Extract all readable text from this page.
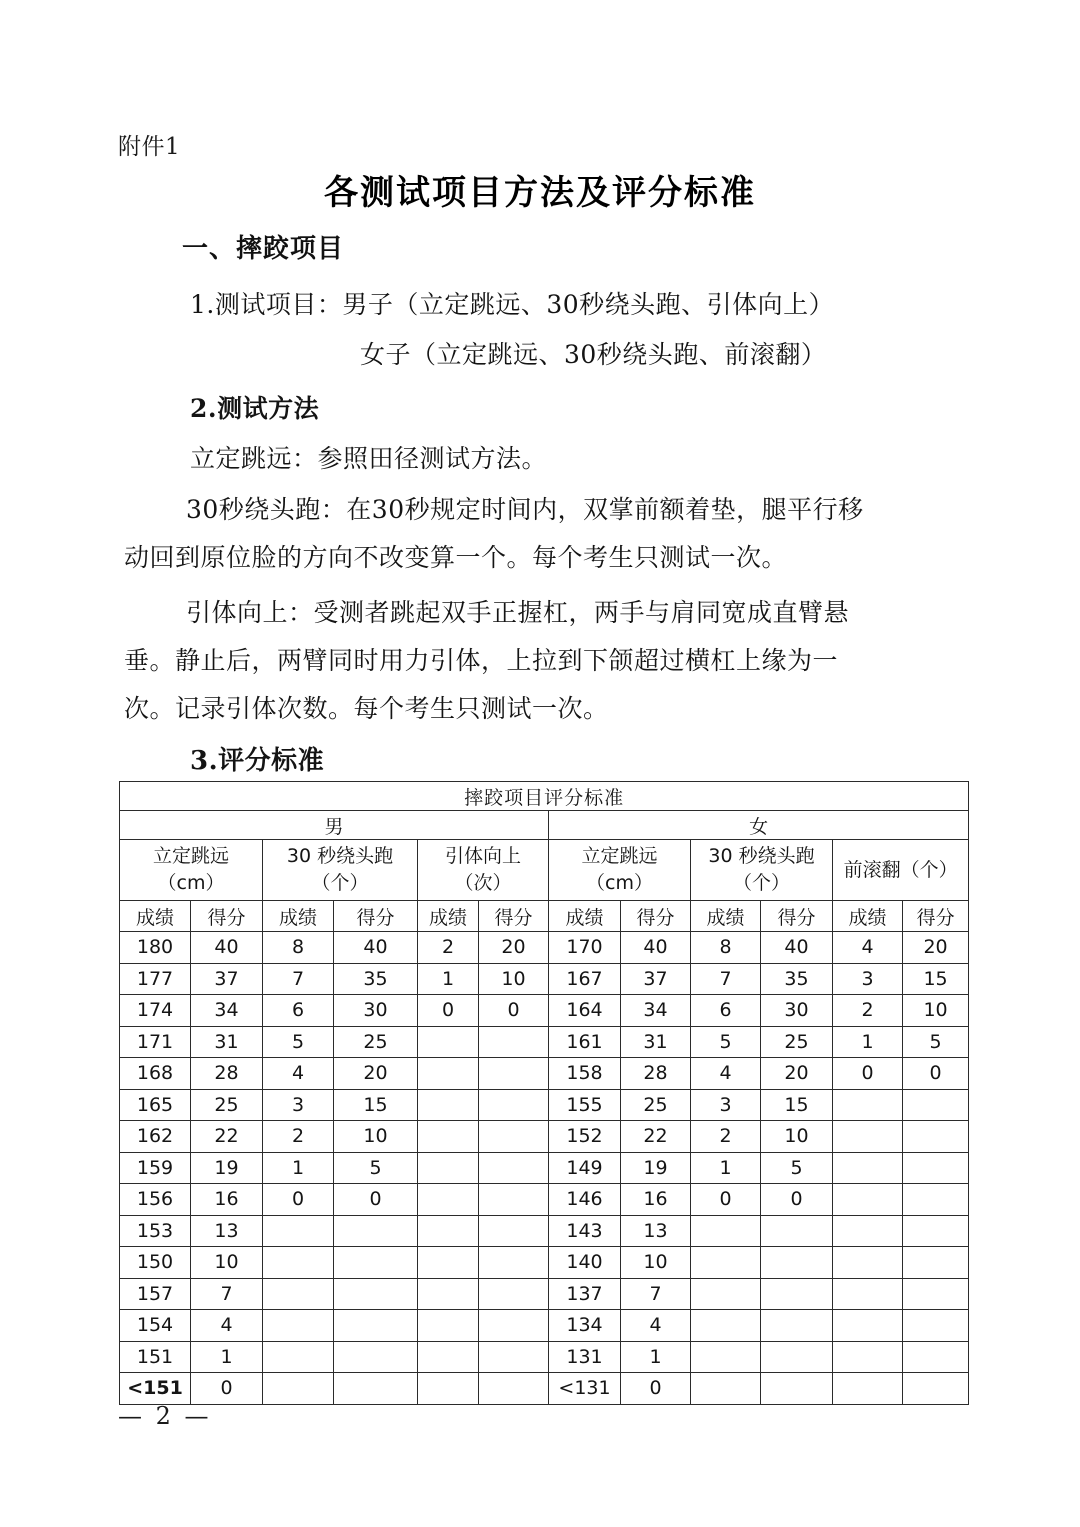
附件1
各测试项目方法及评分标准
一、摔跤项目
1.测试项目：男子（立定跳远、30秒绕头跑、引体向上）
女子（立定跳远、30秒绕头跑、前滚翻）
2.测试方法
立定跳远：参照田径测试方法。
30秒绕头跑：在30秒规定时间内，双掌前额着垫，腿平行移
动回到原位脸的方向不改变算一个。每个考生只测试一次。
引体向上：受测者跳起双手正握杠，两手与肩同宽成直臂悬
垂。静止后，两臂同时用力引体，上拉到下颌超过横杠上缘为一
次。记录引体次数。每个考生只测试一次。
3.评分标准
摔跤项目评分标准											
男						女					

立定跳远
（cm）

30 秒绕头跑
（个）

引体向上
（次）

立定跳远
（cm）

30 秒绕头跑
（个）

前滚翻（个）

成绩	得分	成绩	得分	成绩	得分	成绩	得分	成绩	得分	成绩	得分
180	40	8	40	2	20	170	40	8	40	4	20
177	37	7	35	1	10	167	37	7	35	3	15
174	34	6	30	0	0	164	34	6	30	2	10
171	31	5	25			161	31	5	25	1	5
168	28	4	20			158	28	4	20	0	0
165	25	3	15			155	25	3	15		
162	22	2	10			152	22	2	10		
159	19	1	5			149	19	1	5		
156	16	0	0			146	16	0	0		
153	13					143	13				
150	10					140	10				
157	7					137	7				
154	4					134	4				
151	1					131	1				
<151	0					<131	0				
— 2 —
